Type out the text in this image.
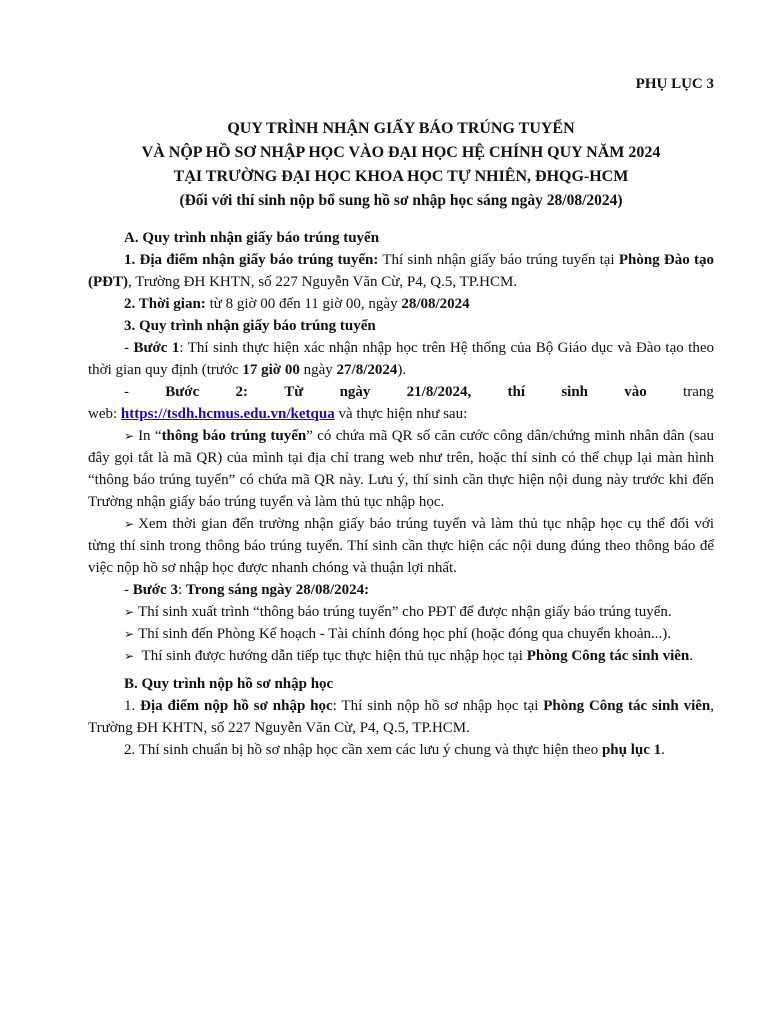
PHỤ LỤC 3
QUY TRÌNH NHẬN GIẤY BÁO TRÚNG TUYỂN
VÀ NỘP HỒ SƠ NHẬP HỌC VÀO ĐẠI HỌC HỆ CHÍNH QUY NĂM 2024
TẠI TRƯỜNG ĐẠI HỌC KHOA HỌC TỰ NHIÊN, ĐHQG-HCM
(Đối với thí sinh nộp bổ sung hồ sơ nhập học sáng ngày 28/08/2024)

A. Quy trình nhận giấy báo trúng tuyển

1. Địa điểm nhận giấy báo trúng tuyển: Thí sinh nhận giấy báo trúng tuyển tại Phòng Đào tạo (PĐT), Trường ĐH KHTN, số 227 Nguyễn Văn Cừ, P4, Q.5, TP.HCM.

2. Thời gian: từ 8 giờ 00 đến 11 giờ 00, ngày 28/08/2024

3. Quy trình nhận giấy báo trúng tuyển

- Bước 1: Thí sinh thực hiện xác nhận nhập học trên Hệ thống của Bộ Giáo dục và Đào tạo theo thời gian quy định (trước 17 giờ 00 ngày 27/8/2024).

- Bước 2: Từ ngày 21/8/2024, thí sinh vào trang

web: https://tsdh.hcmus.edu.vn/ketqua và thực hiện như sau:

➢ In “thông báo trúng tuyển” có chứa mã QR số căn cước công dân/chứng minh nhân dân (sau đây gọi tắt là mã QR) của mình tại địa chỉ trang web như trên, hoặc thí sinh có thể chụp lại màn hình “thông báo trúng tuyển” có chứa mã QR này. Lưu ý, thí sinh cần thực hiện nội dung này trước khi đến Trường nhận giấy báo trúng tuyển và làm thủ tục nhập học.

➢ Xem thời gian đến trường nhận giấy báo trúng tuyển và làm thủ tục nhập học cụ thể đối với từng thí sinh trong thông báo trúng tuyển. Thí sinh cần thực hiện các nội dung đúng theo thông báo để việc nộp hồ sơ nhập học được nhanh chóng và thuận lợi nhất.

- Bước 3: Trong sáng ngày 28/08/2024:

➢ Thí sinh xuất trình “thông báo trúng tuyển” cho PĐT để được nhận giấy báo trúng tuyển.

➢ Thí sinh đến Phòng Kế hoạch - Tài chính đóng học phí (hoặc đóng qua chuyển khoản...).

➢ Thí sinh được hướng dẫn tiếp tục thực hiện thủ tục nhập học tại Phòng Công tác sinh viên.

B. Quy trình nộp hồ sơ nhập học

1. Địa điểm nộp hồ sơ nhập học: Thí sinh nộp hồ sơ nhập học tại Phòng Công tác sinh viên, Trường ĐH KHTN, số 227 Nguyễn Văn Cừ, P4, Q.5, TP.HCM.

2. Thí sinh chuẩn bị hồ sơ nhập học cần xem các lưu ý chung và thực hiện theo phụ lục 1.
